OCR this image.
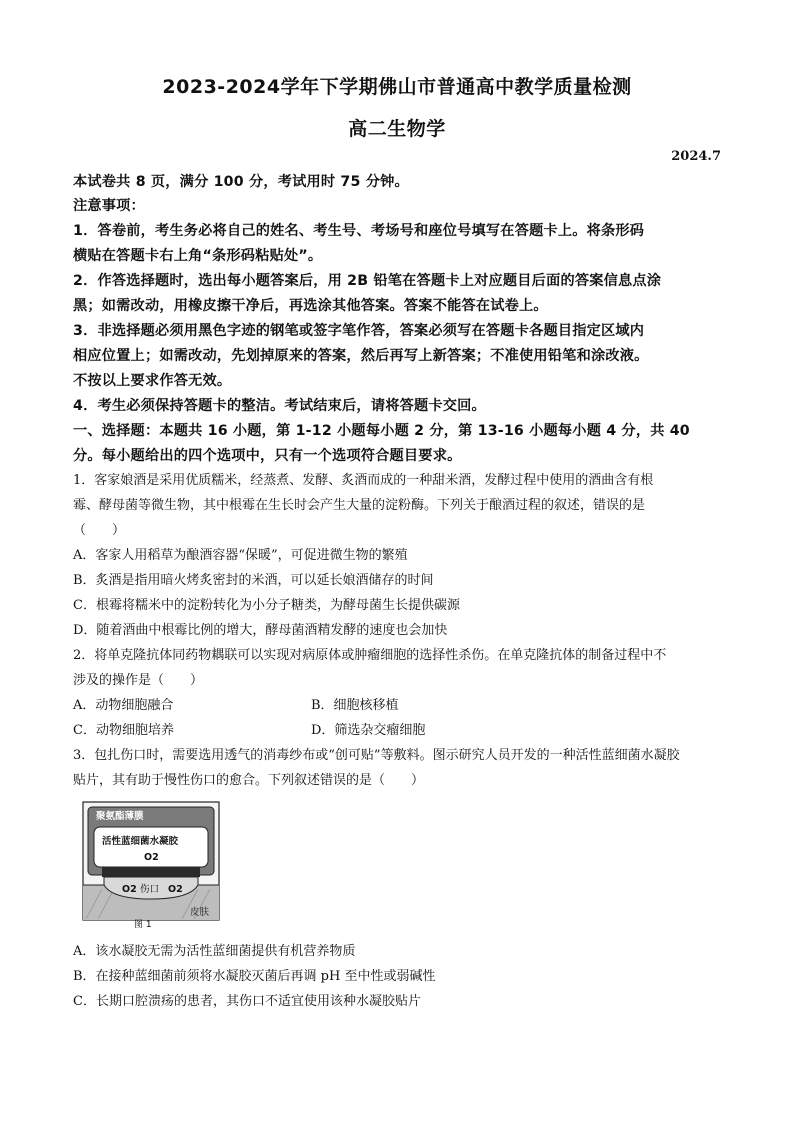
2023-2024学年下学期佛山市普通高中教学质量检测
高二生物学
2024.7
本试卷共 8 页，满分 100 分，考试用时 75 分钟。
注意事项：
1．答卷前，考生务必将自己的姓名、考生号、考场号和座位号填写在答题卡上。将条形码
横贴在答题卡右上角“条形码粘贴处”。
2．作答选择题时，选出每小题答案后，用 2B 铅笔在答题卡上对应题目后面的答案信息点涂
黑；如需改动，用橡皮擦干净后，再选涂其他答案。答案不能答在试卷上。
3．非选择题必须用黑色字迹的钢笔或签字笔作答，答案必须写在答题卡各题目指定区域内
相应位置上；如需改动，先划掉原来的答案，然后再写上新答案；不准使用铅笔和涂改液。
不按以上要求作答无效。
4．考生必须保持答题卡的整洁。考试结束后，请将答题卡交回。
一、选择题：本题共 16 小题，第 1-12 小题每小题 2 分，第 13-16 小题每小题 4 分，共 40
分。每小题给出的四个选项中，只有一个选项符合题目要求。
1．客家娘酒是采用优质糯米，经蒸煮、发酵、炙酒而成的一种甜米酒，发酵过程中使用的酒曲含有根
霉、酵母菌等微生物，其中根霉在生长时会产生大量的淀粉酶。下列关于酿酒过程的叙述，错误的是
（　　）
A．客家人用稻草为酿酒容器“保暖”，可促进微生物的繁殖
B．炙酒是指用暗火烤炙密封的米酒，可以延长娘酒储存的时间
C．根霉将糯米中的淀粉转化为小分子糖类，为酵母菌生长提供碳源
D．随着酒曲中根霉比例的增大，酵母菌酒精发酵的速度也会加快
2．将单克隆抗体同药物耦联可以实现对病原体或肿瘤细胞的选择性杀伤。在单克隆抗体的制备过程中不
涉及的操作是（　　）
A．动物细胞融合	B．细胞核移植
C．动物细胞培养	D．筛选杂交瘤细胞
3．包扎伤口时，需要选用透气的消毒纱布或“创可贴”等敷料。图示研究人员开发的一种活性蓝细菌水凝胶
贴片，其有助于慢性伤口的愈合。下列叙述错误的是（　　）
聚氨酯薄膜
活性蓝细菌水凝胶
O2
O2 伤口 O2
皮肤
图 1
A．该水凝胶无需为活性蓝细菌提供有机营养物质
B．在接种蓝细菌前须将水凝胶灭菌后再调 pH 至中性或弱碱性
C．长期口腔溃疡的患者，其伤口不适宜使用该种水凝胶贴片
